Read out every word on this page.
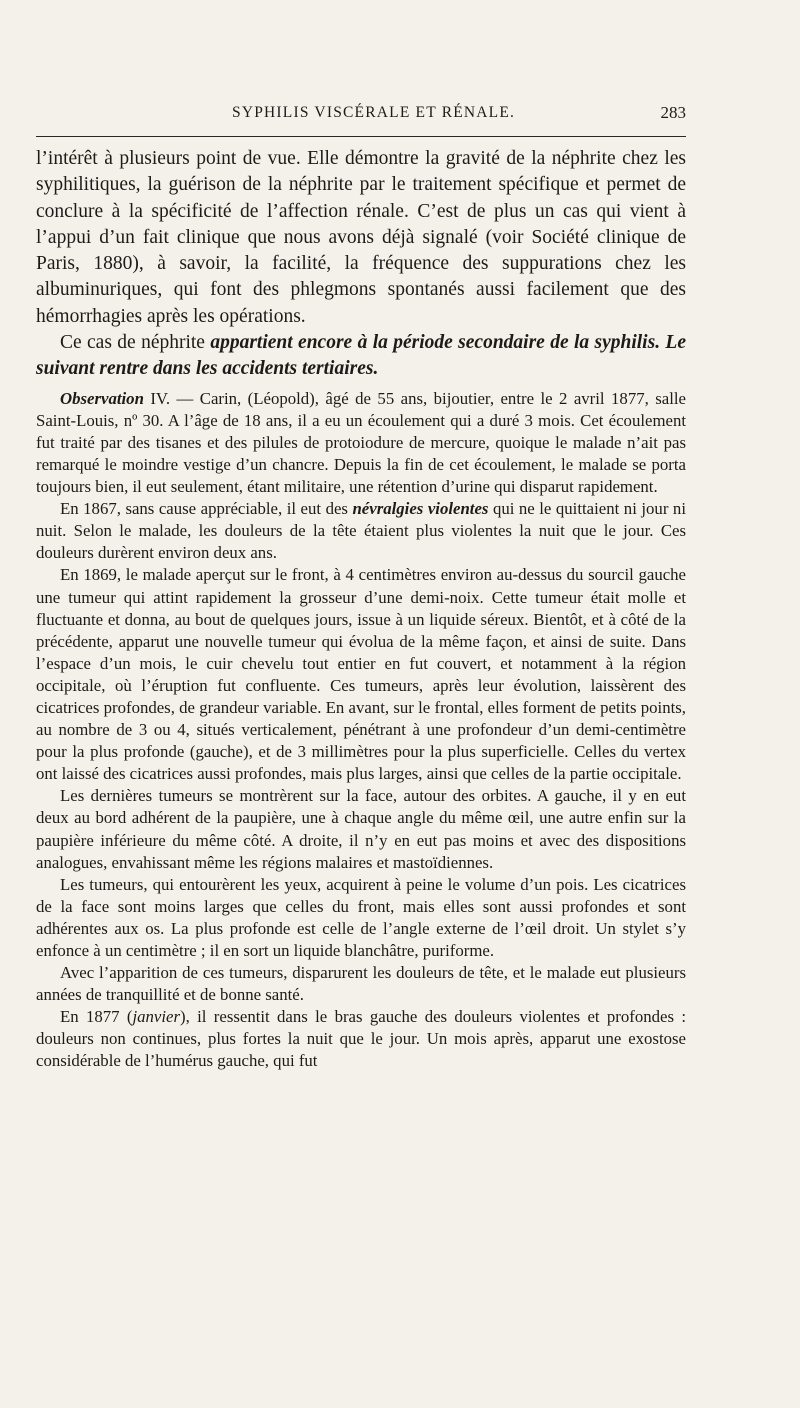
SYPHILIS VISCÉRALE ET RÉNALE.	283

l’intérêt à plusieurs point de vue. Elle démontre la gravité de la néphrite chez les syphilitiques, la guérison de la néphrite par le traitement spécifique et permet de conclure à la spécificité de l’affection rénale. C’est de plus un cas qui vient à l’appui d’un fait clinique que nous avons déjà signalé (voir Société clinique de Paris, 1880), à savoir, la facilité, la fréquence des suppurations chez les albuminuriques, qui font des phlegmons spontanés aussi facilement que des hémorrhagies après les opérations.

Ce cas de néphrite appartient encore à la période secondaire de la syphilis. Le suivant rentre dans les accidents tertiaires.

Observation IV. — Carin, (Léopold), âgé de 55 ans, bijoutier, entre le 2 avril 1877, salle Saint-Louis, nº 30. A l’âge de 18 ans, il a eu un écoulement qui a duré 3 mois. Cet écoulement fut traité par des tisanes et des pilules de protoiodure de mercure, quoique le malade n’ait pas remarqué le moindre vestige d’un chancre. Depuis la fin de cet écoulement, le malade se porta toujours bien, il eut seulement, étant militaire, une rétention d’urine qui disparut rapidement.

En 1867, sans cause appréciable, il eut des névralgies violentes qui ne le quittaient ni jour ni nuit. Selon le malade, les douleurs de la tête étaient plus violentes la nuit que le jour. Ces douleurs durèrent environ deux ans.

En 1869, le malade aperçut sur le front, à 4 centimètres environ au-dessus du sourcil gauche une tumeur qui attint rapidement la grosseur d’une demi-noix. Cette tumeur était molle et fluctuante et donna, au bout de quelques jours, issue à un liquide séreux. Bientôt, et à côté de la précédente, apparut une nouvelle tumeur qui évolua de la même façon, et ainsi de suite. Dans l’espace d’un mois, le cuir chevelu tout entier en fut couvert, et notamment à la région occipitale, où l’éruption fut confluente. Ces tumeurs, après leur évolution, laissèrent des cicatrices profondes, de grandeur variable. En avant, sur le frontal, elles forment de petits points, au nombre de 3 ou 4, situés verticalement, pénétrant à une profondeur d’un demi-centimètre pour la plus profonde (gauche), et de 3 millimètres pour la plus superficielle. Celles du vertex ont laissé des cicatrices aussi profondes, mais plus larges, ainsi que celles de la partie occipitale.

Les dernières tumeurs se montrèrent sur la face, autour des orbites. A gauche, il y en eut deux au bord adhérent de la paupière, une à chaque angle du même œil, une autre enfin sur la paupière inférieure du même côté. A droite, il n’y en eut pas moins et avec des dispositions analogues, envahissant même les régions malaires et mastoïdiennes.

Les tumeurs, qui entourèrent les yeux, acquirent à peine le volume d’un pois. Les cicatrices de la face sont moins larges que celles du front, mais elles sont aussi profondes et sont adhérentes aux os. La plus profonde est celle de l’angle externe de l’œil droit. Un stylet s’y enfonce à un centimètre ; il en sort un liquide blanchâtre, puriforme.

Avec l’apparition de ces tumeurs, disparurent les douleurs de tête, et le malade eut plusieurs années de tranquillité et de bonne santé.

En 1877 (janvier), il ressentit dans le bras gauche des douleurs violentes et profondes : douleurs non continues, plus fortes la nuit que le jour. Un mois après, apparut une exostose considérable de l’humérus gauche, qui fut
